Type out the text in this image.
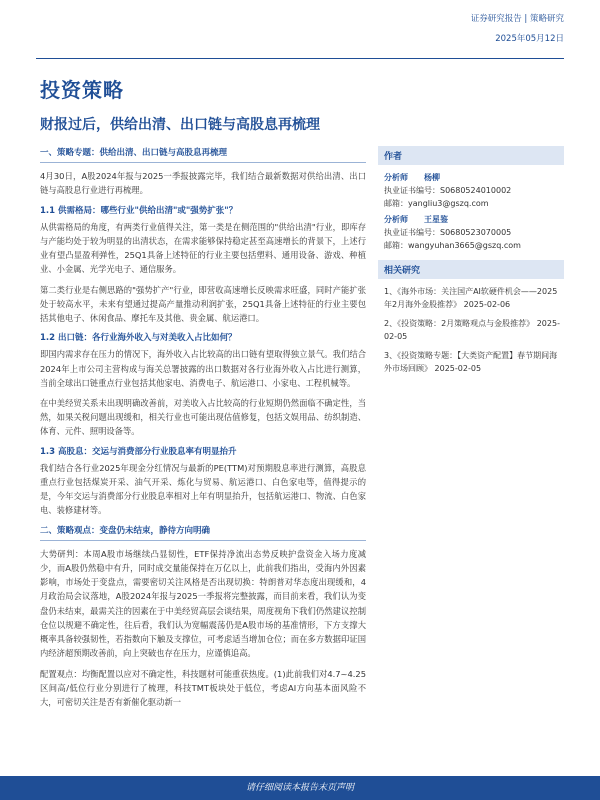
证券研究报告 | 策略研究
2025年05月12日
投资策略
财报过后，供给出清、出口链与高股息再梳理
一、策略专题：供给出清、出口链与高股息再梳理

4月30日，A股2024年报与2025一季报披露完毕，我们结合最新数据对供给出清、出口链与高股息行业进行再梳理。

1.1 供需格局：哪些行业"供给出清"或"强势扩张"？

从供需格局的角度，有两类行业值得关注，第一类是在侧范围的"供给出清"行业，即库存与产能均处于较为明显的出清状态，在需求能够保持稳定甚至高速增长的背景下，上述行业有望凸显盈利弹性，25Q1具备上述特征的行业主要包括塑料、通用设备、游戏、种植业、小金属、光学光电子、通信服务。

第二类行业是右侧思路的"强势扩产"行业，即营收高速增长反映需求旺盛，同时产能扩张处于较高水平，未来有望通过提高产量推动利润扩张，25Q1具备上述特征的行业主要包括其他电子、休闲食品、摩托车及其他、贵金属、航运港口。

1.2 出口链：各行业海外收入与对美收入占比如何？

即国内需求存在压力的情况下，海外收入占比较高的出口链有望取得独立景气。我们结合2024年上市公司主营构成与海关总署披露的出口数据对各行业海外收入占比进行测算，当前全球出口链重点行业包括其他家电、消费电子、航运港口、小家电、工程机械等。

在中美经贸关系未出现明确改善前，对美收入占比较高的行业短期仍然面临不确定性，当然，如果关税问题出现缓和，相关行业也可能出现估值修复，包括文娱用品、纺织制造、体育、元件、照明设备等。

1.3 高股息：交运与消费部分行业股息率有明显抬升

我们结合各行业2025年现金分红情况与最新的PE(TTM)对预期股息率进行测算，高股息重点行业包括煤炭开采、油气开采、炼化与贸易、航运港口、白色家电等，值得提示的是，今年交运与消费部分行业股息率相对上年有明显抬升，包括航运港口、物流、白色家电、装修建材等。

二、策略观点：变盘仍未结束，静待方向明确

大势研判：本周A股市场继续凸显韧性，ETF保持净流出态势反映护盘资金入场力度减少，而A股仍然稳中有升，同时成交量能保持在万亿以上，此前我们指出，受海内外因素影响，市场处于变盘点，需要密切关注风格是否出现切换：特朗普对华态度出现缓和，4月政治局会议落地，A股2024年报与2025一季报将完整披露，而目前来看，我们认为变盘仍未结束，最需关注的因素在于中美经贸高层会谈结果，周度视角下我们仍然建议控制仓位以规避不确定性，往后看，我们认为宽幅震荡仍是A股市场的基准情形，下方支撑大概率具备较强韧性，若指数向下触及支撑位，可考虑适当增加仓位；而在多方数据印证国内经济超预期改善前，向上突破也存在压力，应谨慎追高。

配置观点：均衡配置以应对不确定性，科技题材可能重获热度。(1)此前我们对4.7~4.25区间高/低位行业分别进行了梳理，科技TMT板块处于低位，考虑AI方向基本面风险不大，可密切关注是否有新催化驱动新一

作者
分析师 杨柳
执业证书编号：S0680524010002
邮箱：yangliu3@gszq.com
分析师 王星鉴
执业证书编号：S0680523070005
邮箱：wangyuhan3665@gszq.com
相关研究
1、《海外市场：关注国产AI软硬件机会——2025年2月海外金股推荐》 2025-02-06
2、《投资策略：2月策略观点与金股推荐》 2025-02-05
3、《投资策略专题：【大类资产配置】春节期间海外市场回顾》 2025-02-05
请仔细阅读本报告末页声明
